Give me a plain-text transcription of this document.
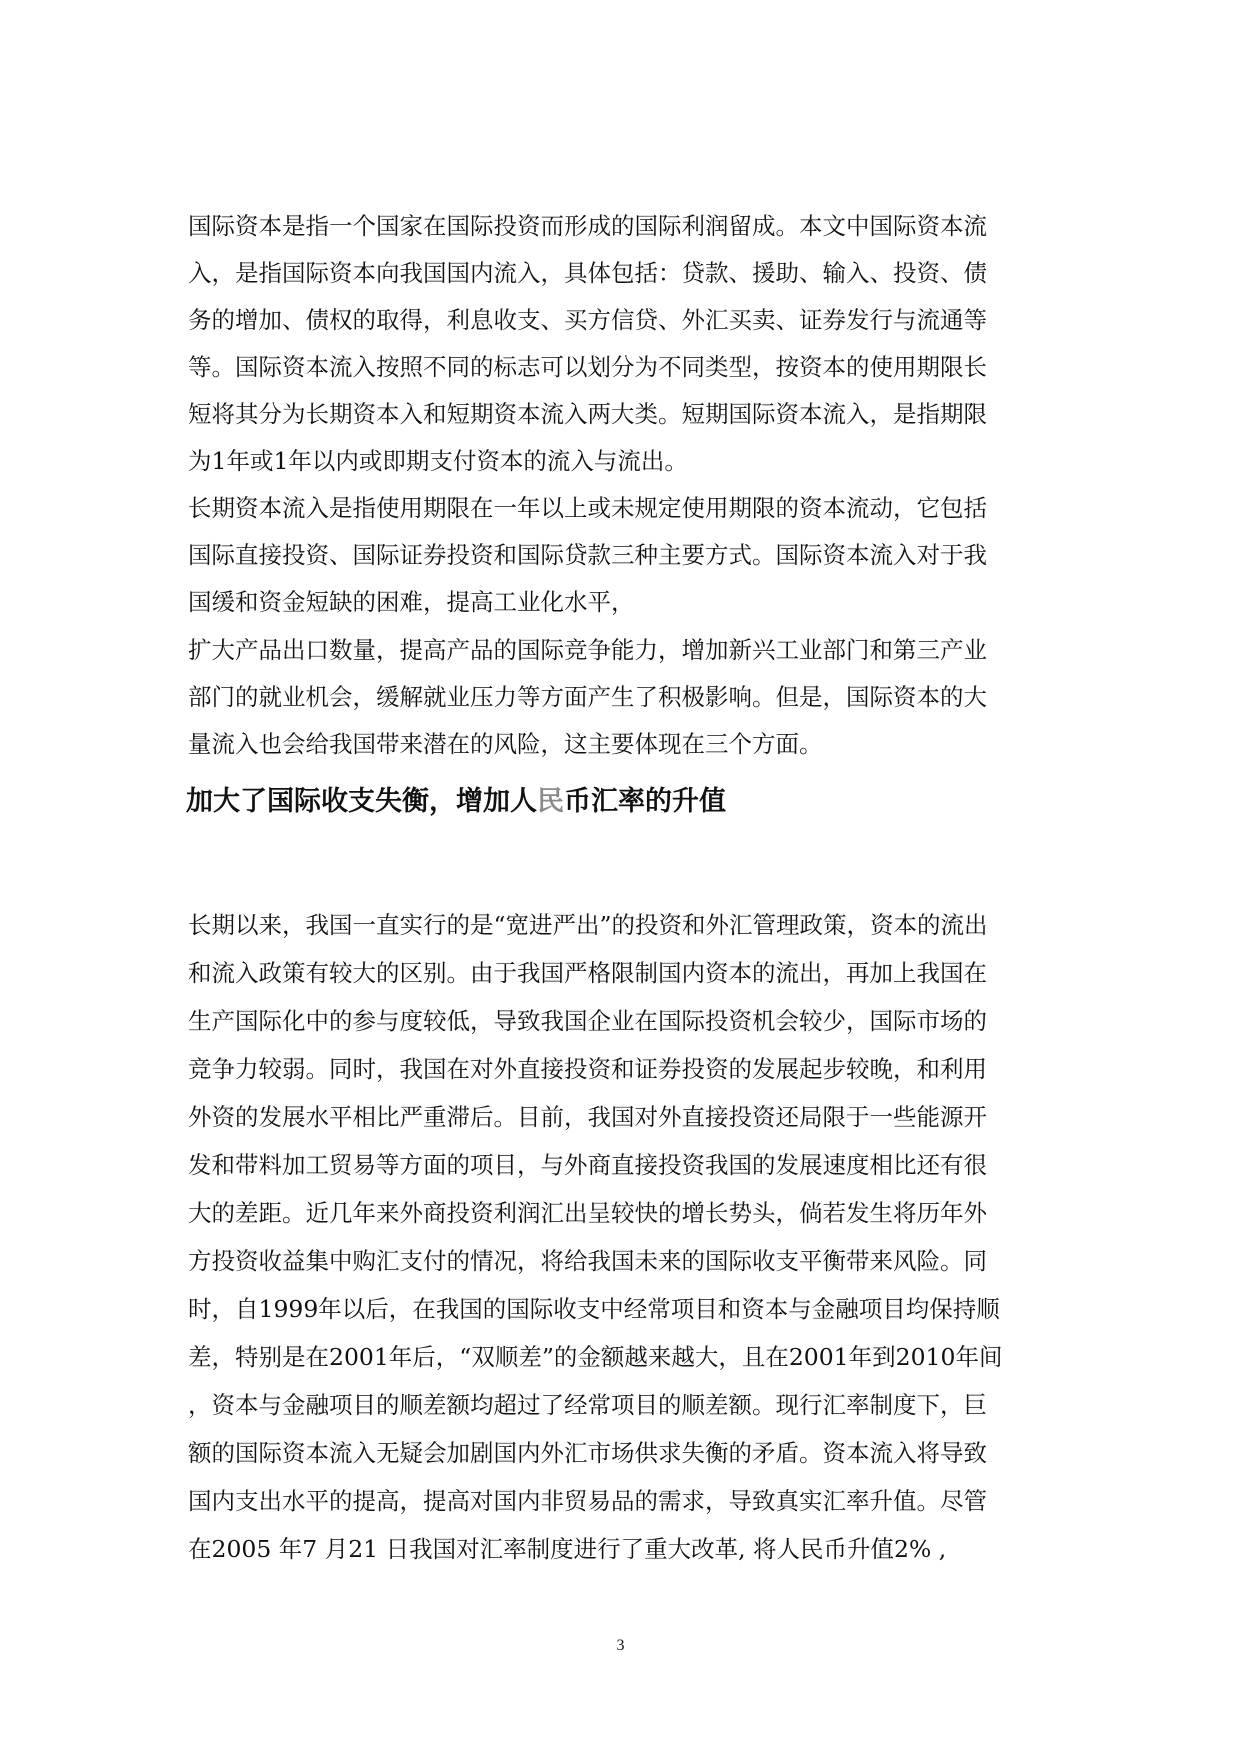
国际资本是指一个国家在国际投资而形成的国际利润留成。本文中国际资本流
入，是指国际资本向我国国内流入，具体包括：贷款、援助、输入、投资、债
务的增加、债权的取得，利息收支、买方信贷、外汇买卖、证券发行与流通等
等。国际资本流入按照不同的标志可以划分为不同类型，按资本的使用期限长
短将其分为长期资本入和短期资本流入两大类。短期国际资本流入，是指期限
为1年或1年以内或即期支付资本的流入与流出。
长期资本流入是指使用期限在一年以上或未规定使用期限的资本流动，它包括
国际直接投资、国际证券投资和国际贷款三种主要方式。国际资本流入对于我
国缓和资金短缺的困难，提高工业化水平，
扩大产品出口数量，提高产品的国际竞争能力，增加新兴工业部门和第三产业
部门的就业机会，缓解就业压力等方面产生了积极影响。但是，国际资本的大
量流入也会给我国带来潜在的风险，这主要体现在三个方面。
加大了国际收支失衡，增加人民币汇率的升值
长期以来，我国一直实行的是“宽进严出”的投资和外汇管理政策，资本的流出
和流入政策有较大的区别。由于我国严格限制国内资本的流出，再加上我国在
生产国际化中的参与度较低，导致我国企业在国际投资机会较少，国际市场的
竞争力较弱。同时，我国在对外直接投资和证券投资的发展起步较晚，和利用
外资的发展水平相比严重滞后。目前，我国对外直接投资还局限于一些能源开
发和带料加工贸易等方面的项目，与外商直接投资我国的发展速度相比还有很
大的差距。近几年来外商投资利润汇出呈较快的增长势头，倘若发生将历年外
方投资收益集中购汇支付的情况，将给我国未来的国际收支平衡带来风险。同
时，自1999年以后，在我国的国际收支中经常项目和资本与金融项目均保持顺
差，特别是在2001年后，“双顺差”的金额越来越大，且在2001年到2010年间
，资本与金融项目的顺差额均超过了经常项目的顺差额。现行汇率制度下，巨
额的国际资本流入无疑会加剧国内外汇市场供求失衡的矛盾。资本流入将导致
国内支出水平的提高，提高对国内非贸易品的需求，导致真实汇率升值。尽管
在2005 年7 月21 日我国对汇率制度进行了重大改革, 将人民币升值2% ,
3
